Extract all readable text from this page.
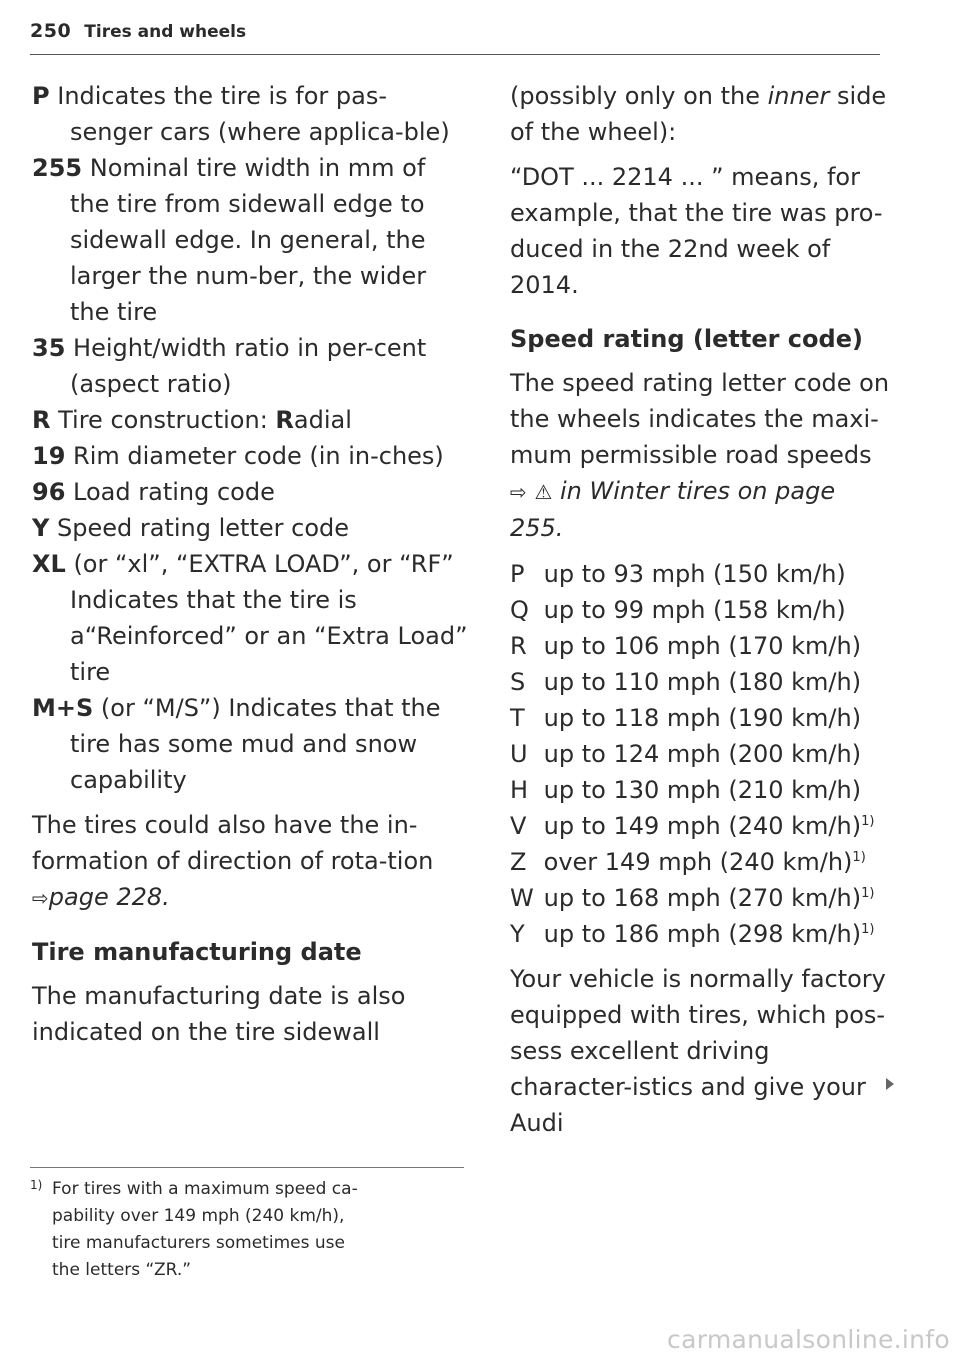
250 Tires and wheels

P Indicates the tire is for pas-senger cars (where applica-ble)

255 Nominal tire width in mm of the tire from sidewall edge to sidewall edge. In general, the larger the num-ber, the wider the tire

35 Height/width ratio in per-cent (aspect ratio)

R Tire construction: Radial

19 Rim diameter code (in in-ches)

96 Load rating code

Y Speed rating letter code

XL (or “xl”, “EXTRA LOAD”, or “RF” Indicates that the tire is a“Reinforced” or an “Extra Load” tire

M+S (or “M/S”) Indicates that the tire has some mud and snow capability

The tires could also have the in-formation of direction of rota-tion ⇨page 228.

Tire manufacturing date

The manufacturing date is also indicated on the tire sidewall

(possibly only on the inner side of the wheel):

“DOT ... 2214 ... ” means, for example, that the tire was pro-duced in the 22nd week of 2014.

Speed rating (letter code)

The speed rating letter code on the wheels indicates the maxi-mum permissible road speeds ⇨ ⚠ in Winter tires on page 255.

P up to 93 mph (150 km/h)
Q up to 99 mph (158 km/h)
R up to 106 mph (170 km/h)
S up to 110 mph (180 km/h)
T up to 118 mph (190 km/h)
U up to 124 mph (200 km/h)
H up to 130 mph (210 km/h)
V up to 149 mph (240 km/h)$^{1)}$
Z over 149 mph (240 km/h)$^{1)}$
W up to 168 mph (270 km/h)$^{1)}$
Y up to 186 mph (298 km/h)$^{1)}$

Your vehicle is normally factory equipped with tires, which pos-sess excellent driving character-istics and give your Audi

1) For tires with a maximum speed ca-
pability over 149 mph (240 km/h),
tire manufacturers sometimes use
the letters “ZR.”
carmanualsonline.info
